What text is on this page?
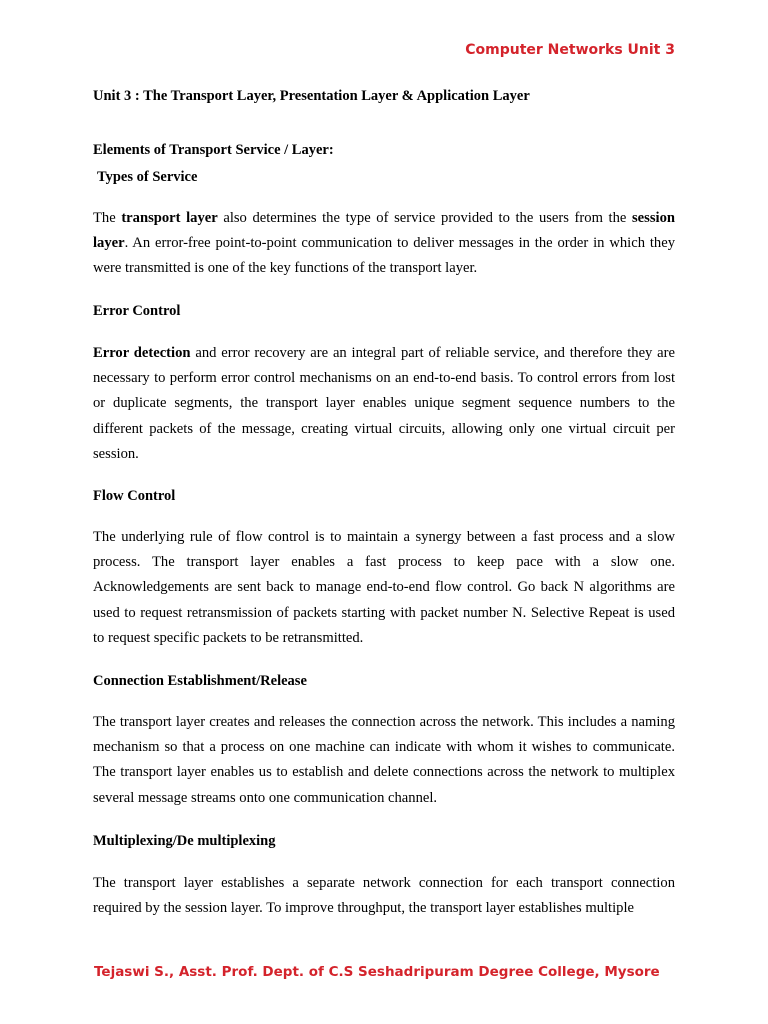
Computer Networks Unit 3
Unit 3 : The Transport Layer, Presentation Layer & Application Layer
Elements of Transport Service / Layer:
Types of Service
The transport layer also determines the type of service provided to the users from the session layer. An error-free point-to-point communication to deliver messages in the order in which they were transmitted is one of the key functions of the transport layer.
Error Control
Error detection and error recovery are an integral part of reliable service, and therefore they are necessary to perform error control mechanisms on an end-to-end basis. To control errors from lost or duplicate segments, the transport layer enables unique segment sequence numbers to the different packets of the message, creating virtual circuits, allowing only one virtual circuit per session.
Flow Control
The underlying rule of flow control is to maintain a synergy between a fast process and a slow process. The transport layer enables a fast process to keep pace with a slow one. Acknowledgements are sent back to manage end-to-end flow control. Go back N algorithms are used to request retransmission of packets starting with packet number N. Selective Repeat is used to request specific packets to be retransmitted.
Connection Establishment/Release
The transport layer creates and releases the connection across the network. This includes a naming mechanism so that a process on one machine can indicate with whom it wishes to communicate. The transport layer enables us to establish and delete connections across the network to multiplex several message streams onto one communication channel.
Multiplexing/De multiplexing
The transport layer establishes a separate network connection for each transport connection required by the session layer. To improve throughput, the transport layer establishes multiple
Tejaswi S., Asst. Prof. Dept. of C.S Seshadripuram Degree College, Mysore
